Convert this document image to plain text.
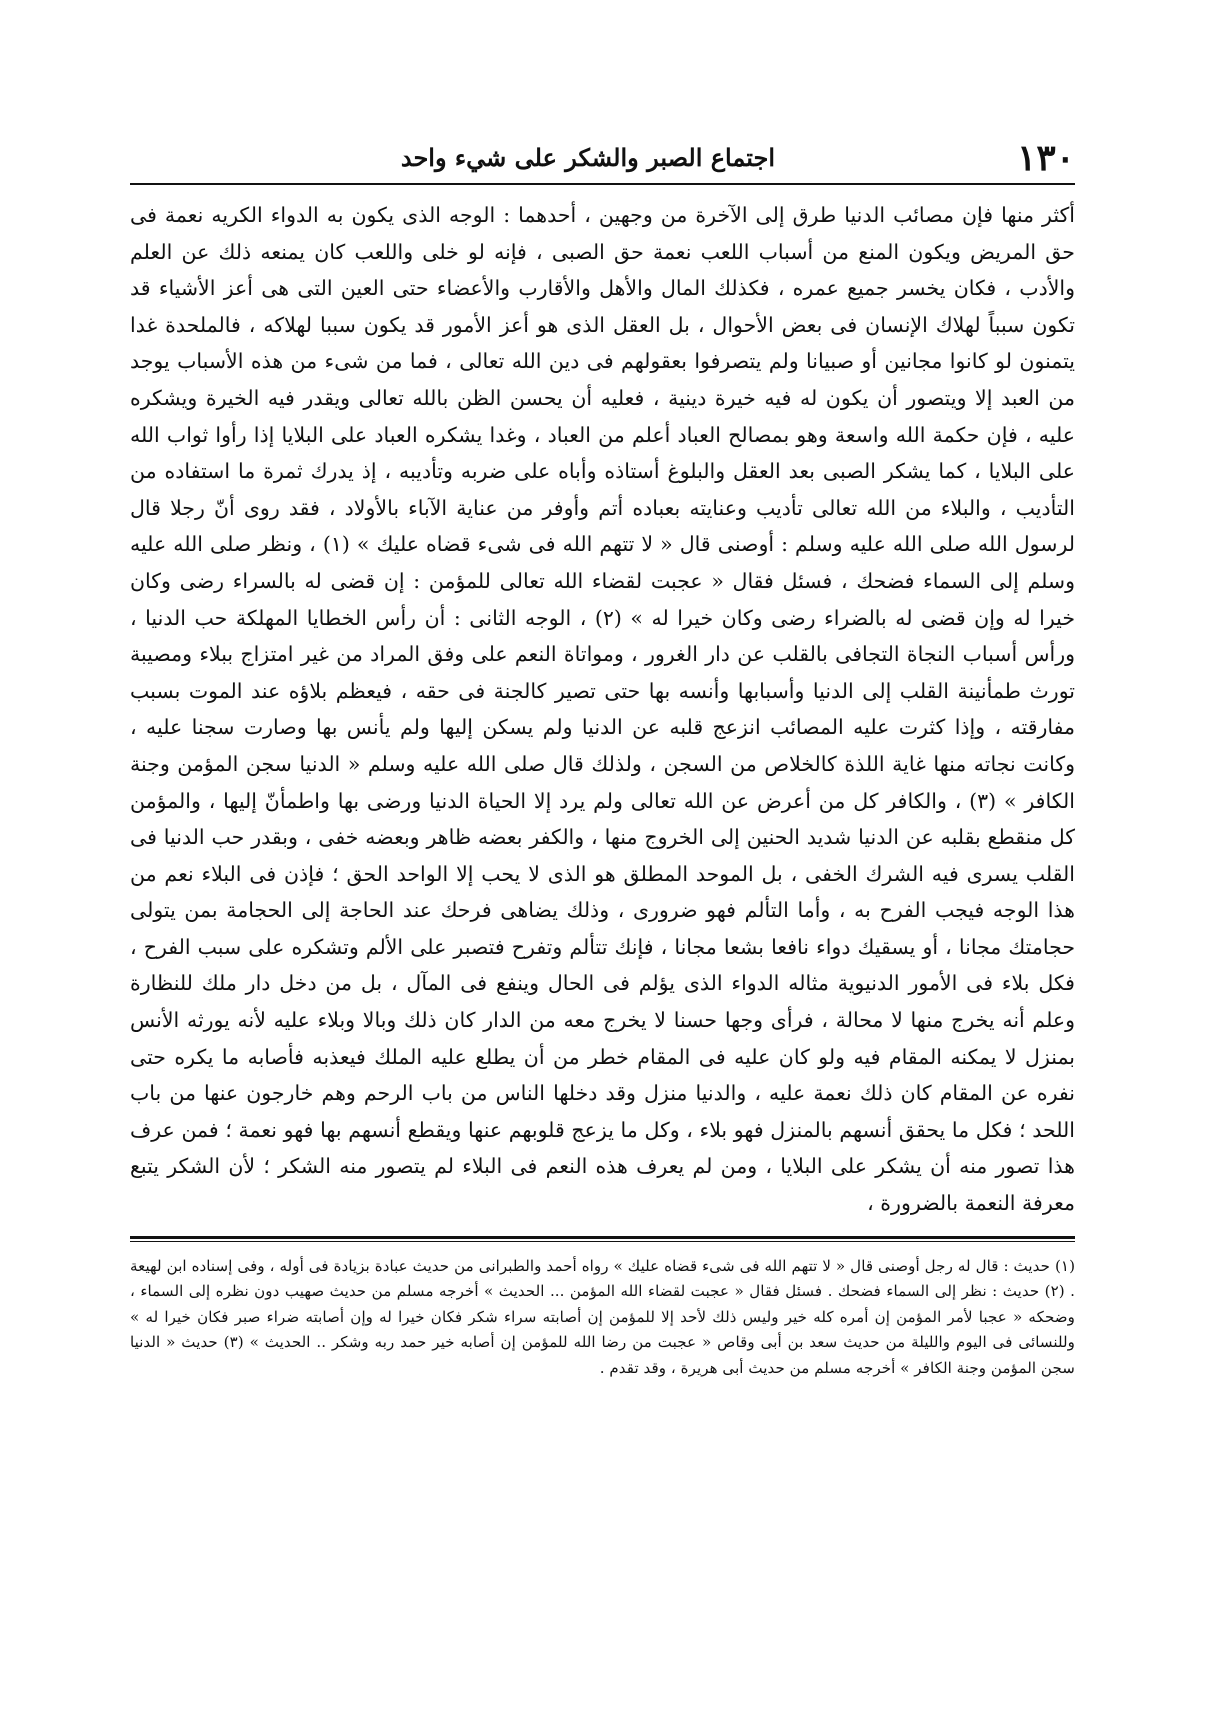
١٣٠
اجتماع الصبر والشكر على شيء واحد

أكثر منها فإن مصائب الدنيا طرق إلى الآخرة من وجهين ، أحدهما : الوجه الذى يكون به الدواء الكريه نعمة فى حق المريض ويكون المنع من أسباب اللعب نعمة حق الصبى ، فإنه لو خلى واللعب كان يمنعه ذلك عن العلم والأدب ، فكان يخسر جميع عمره ، فكذلك المال والأهل والأقارب والأعضاء حتى العين التى هى أعز الأشياء قد تكون سبباً لهلاك الإنسان فى بعض الأحوال ، بل العقل الذى هو أعز الأمور قد يكون سببا لهلاكه ، فالملحدة غدا يتمنون لو كانوا مجانين أو صبيانا ولم يتصرفوا بعقولهم فى دين الله تعالى ، فما من شىء من هذه الأسباب يوجد من العبد إلا ويتصور أن يكون له فيه خيرة دينية ، فعليه أن يحسن الظن بالله تعالى ويقدر فيه الخيرة ويشكره عليه ، فإن حكمة الله واسعة وهو بمصالح العباد أعلم من العباد ، وغدا يشكره العباد على البلايا إذا رأوا ثواب الله على البلايا ، كما يشكر الصبى بعد العقل والبلوغ أستاذه وأباه على ضربه وتأديبه ، إذ يدرك ثمرة ما استفاده من التأديب ، والبلاء من الله تعالى تأديب وعنايته بعباده أتم وأوفر من عناية الآباء بالأولاد ، فقد روى أنّ رجلا قال لرسول الله صلى الله عليه وسلم : أوصنى قال « لا تتهم الله فى شىء قضاه عليك » (١) ، ونظر صلى الله عليه وسلم إلى السماء فضحك ، فسئل فقال « عجبت لقضاء الله تعالى للمؤمن : إن قضى له بالسراء رضى وكان خيرا له وإن قضى له بالضراء رضى وكان خيرا له » (٢) ، الوجه الثانى : أن رأس الخطايا المهلكة حب الدنيا ، ورأس أسباب النجاة التجافى بالقلب عن دار الغرور ، ومواتاة النعم على وفق المراد من غير امتزاج ببلاء ومصيبة تورث طمأنينة القلب إلى الدنيا وأسبابها وأنسه بها حتى تصير كالجنة فى حقه ، فيعظم بلاؤه عند الموت بسبب مفارقته ، وإذا كثرت عليه المصائب انزعج قلبه عن الدنيا ولم يسكن إليها ولم يأنس بها وصارت سجنا عليه ، وكانت نجاته منها غاية اللذة كالخلاص من السجن ، ولذلك قال صلى الله عليه وسلم « الدنيا سجن المؤمن وجنة الكافر » (٣) ، والكافر كل من أعرض عن الله تعالى ولم يرد إلا الحياة الدنيا ورضى بها واطمأنّ إليها ، والمؤمن كل منقطع بقلبه عن الدنيا شديد الحنين إلى الخروج منها ، والكفر بعضه ظاهر وبعضه خفى ، وبقدر حب الدنيا فى القلب يسرى فيه الشرك الخفى ، بل الموحد المطلق هو الذى لا يحب إلا الواحد الحق ؛ فإذن فى البلاء نعم من هذا الوجه فيجب الفرح به ، وأما التألم فهو ضرورى ، وذلك يضاهى فرحك عند الحاجة إلى الحجامة بمن يتولى حجامتك مجانا ، أو يسقيك دواء نافعا بشعا مجانا ، فإنك تتألم وتفرح فتصبر على الألم وتشكره على سبب الفرح ، فكل بلاء فى الأمور الدنيوية مثاله الدواء الذى يؤلم فى الحال وينفع فى المآل ، بل من دخل دار ملك للنظارة وعلم أنه يخرج منها لا محالة ، فرأى وجها حسنا لا يخرج معه من الدار كان ذلك وبالا وبلاء عليه لأنه يورثه الأنس بمنزل لا يمكنه المقام فيه ولو كان عليه فى المقام خطر من أن يطلع عليه الملك فيعذبه فأصابه ما يكره حتى نفره عن المقام كان ذلك نعمة عليه ، والدنيا منزل وقد دخلها الناس من باب الرحم وهم خارجون عنها من باب اللحد ؛ فكل ما يحقق أنسهم بالمنزل فهو بلاء ، وكل ما يزعج قلوبهم عنها ويقطع أنسهم بها فهو نعمة ؛ فمن عرف هذا تصور منه أن يشكر على البلايا ، ومن لم يعرف هذه النعم فى البلاء لم يتصور منه الشكر ؛ لأن الشكر يتبع معرفة النعمة بالضرورة ،

(١) حديث : قال له رجل أوصنى قال « لا تتهم الله فى شىء قضاه عليك » رواه أحمد والطبرانى من حديث عبادة بزيادة فى أوله ، وفى إسناده ابن لهيعة . (٢) حديث : نظر إلى السماء فضحك . فسئل فقال « عجبت لقضاء الله المؤمن ... الحديث » أخرجه مسلم من حديث صهيب دون نظره إلى السماء ، وضحكه « عجبا لأمر المؤمن إن أمره كله خير وليس ذلك لأحد إلا للمؤمن إن أصابته سراء شكر فكان خيرا له وإن أصابته ضراء صبر فكان خيرا له » وللنسائى فى اليوم والليلة من حديث سعد بن أبى وقاص « عجبت من رضا الله للمؤمن إن أصابه خير حمد ربه وشكر .. الحديث » (٣) حديث « الدنيا سجن المؤمن وجنة الكافر » أخرجه مسلم من حديث أبى هريرة ، وقد تقدم .
